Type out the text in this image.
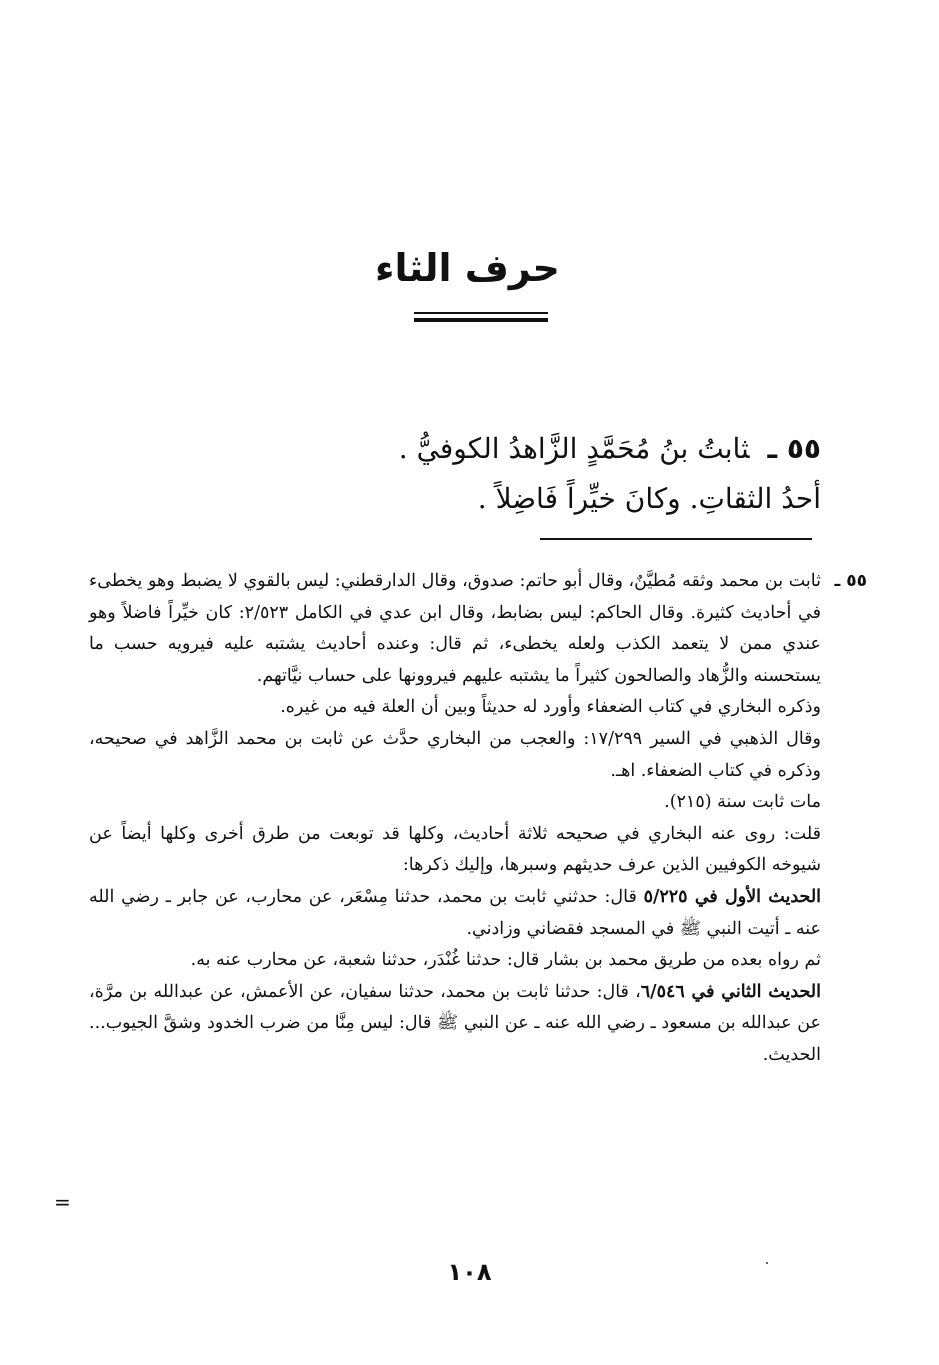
حرف الثاء
٥٥ ـثابتُ بنُ مُحَمَّدٍ الزَّاهدُ الكوفيُّ .
أحدُ الثقاتِ. وكانَ خيِّراً فَاضِلاً .
٥٥ ـ

ثابت بن محمد وثقه مُطيَّنٌ، وقال أبو حاتم: صدوق، وقال الدارقطني: ليس بالقوي لا يضبط وهو يخطىء في أحاديث كثيرة. وقال الحاكم: ليس بضابط، وقال ابن عدي في الكامل ٢/٥٢٣: كان خيِّراً فاضلاً وهو عندي ممن لا يتعمد الكذب ولعله يخطىء، ثم قال: وعنده أحاديث يشتبه عليه فيرويه حسب ما يستحسنه والزُّهاد والصالحون كثيراً ما يشتبه عليهم فيروونها على حساب نيَّاتهم.

وذكره البخاري في كتاب الضعفاء وأورد له حديثاً وبين أن العلة فيه من غيره.

وقال الذهبي في السير ١٧/٢٩٩: والعجب من البخاري حدَّث عن ثابت بن محمد الزَّاهد في صحيحه، وذكره في كتاب الضعفاء. اهـ.

مات ثابت سنة (٢١٥).

قلت: روى عنه البخاري في صحيحه ثلاثة أحاديث، وكلها قد توبعت من طرق أخرى وكلها أيضاً عن شيوخه الكوفيين الذين عرف حديثهم وسبرها، وإليك ذكرها:

الحديث الأول في ٥/٢٢٥ قال: حدثني ثابت بن محمد، حدثنا مِسْعَر، عن محارب، عن جابر ـ رضي الله عنه ـ أتيت النبي ﷺ في المسجد فقضاني وزادني.

ثم رواه بعده من طريق محمد بن بشار قال: حدثنا غُنْدَر، حدثنا شعبة، عن محارب عنه به.

الحديث الثاني في ٦/٥٤٦، قال: حدثنا ثابت بن محمد، حدثنا سفيان، عن الأعمش، عن عبدالله بن مرَّة، عن عبدالله بن مسعود ـ رضي الله عنه ـ عن النبي ﷺ قال: ليس مِنَّا من ضرب الخدود وشقَّ الجيوب... الحديث.

=
١٠٨
